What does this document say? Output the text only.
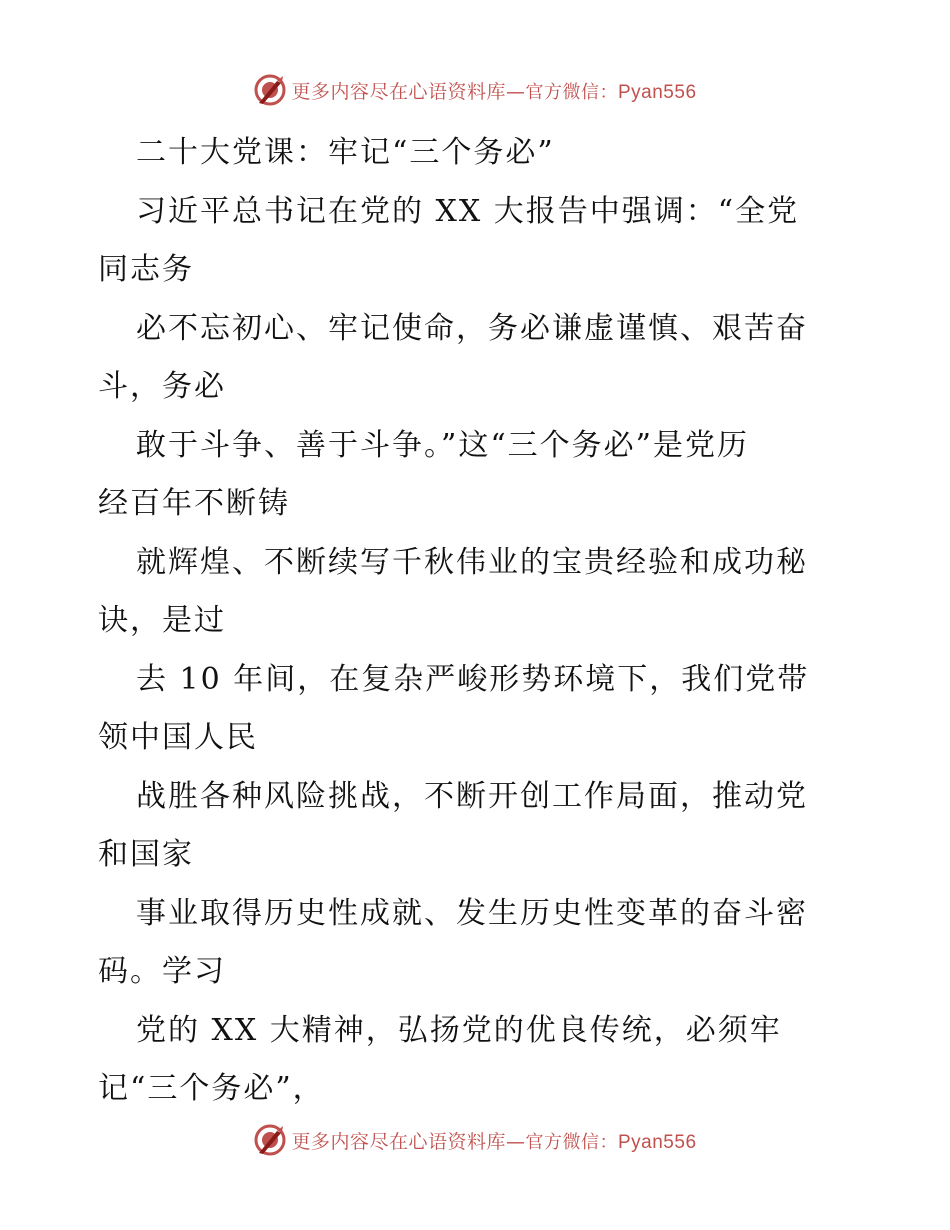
更多内容尽在心语资料库—官方微信：Pyan556
二十大党课：牢记“三个务必”
习近平总书记在党的 XX 大报告中强调：“全党
同志务
必不忘初心、牢记使命，务必谦虚谨慎、艰苦奋
斗，务必
敢于斗争、善于斗争。”这“三个务必”是党历
经百年不断铸
就辉煌、不断续写千秋伟业的宝贵经验和成功秘
诀，是过
去 10 年间，在复杂严峻形势环境下，我们党带
领中国人民
战胜各种风险挑战，不断开创工作局面，推动党
和国家
事业取得历史性成就、发生历史性变革的奋斗密
码。学习
党的 XX 大精神，弘扬党的优良传统，必须牢
记“三个务必”，
更多内容尽在心语资料库—官方微信：Pyan556
